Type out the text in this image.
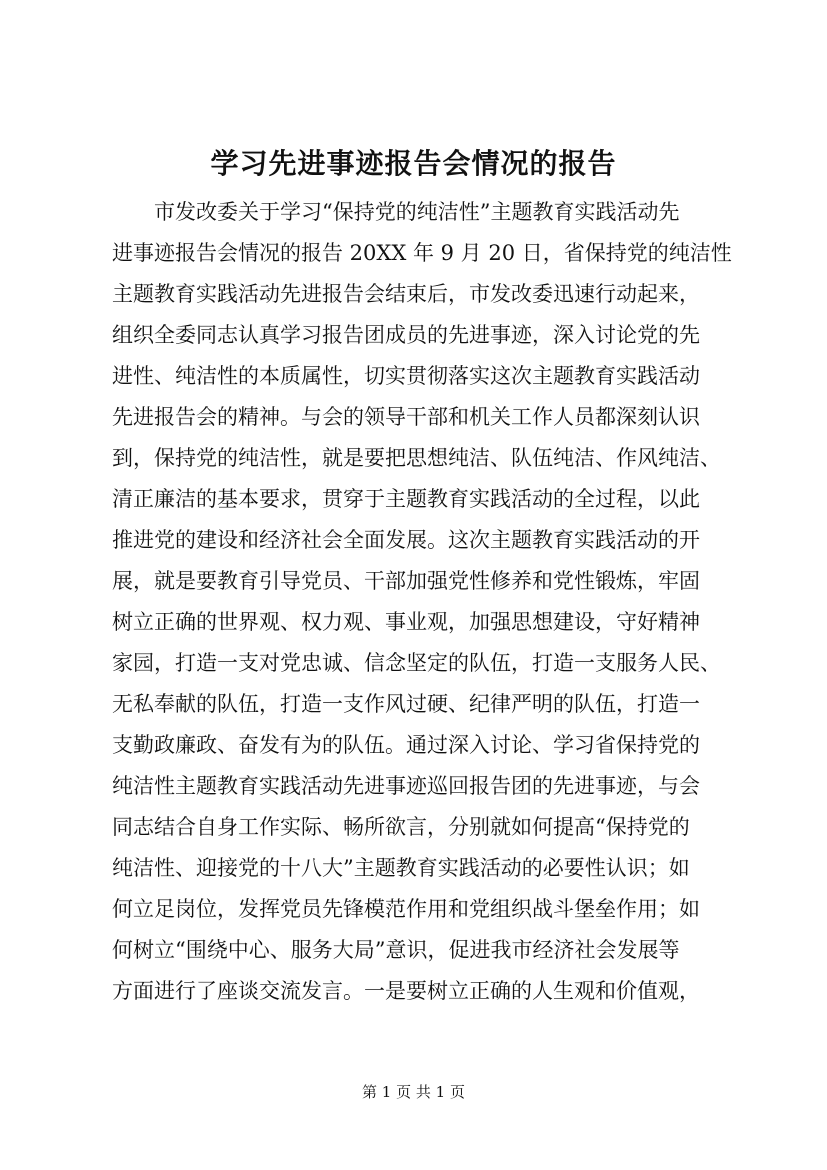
学习先进事迹报告会情况的报告
市发改委关于学习“保持党的纯洁性”主题教育实践活动先
进事迹报告会情况的报告 20XX 年 9 月 20 日，省保持党的纯洁性
主题教育实践活动先进报告会结束后，市发改委迅速行动起来，
组织全委同志认真学习报告团成员的先进事迹，深入讨论党的先
进性、纯洁性的本质属性，切实贯彻落实这次主题教育实践活动
先进报告会的精神。与会的领导干部和机关工作人员都深刻认识
到，保持党的纯洁性，就是要把思想纯洁、队伍纯洁、作风纯洁、
清正廉洁的基本要求，贯穿于主题教育实践活动的全过程，以此
推进党的建设和经济社会全面发展。这次主题教育实践活动的开
展，就是要教育引导党员、干部加强党性修养和党性锻炼，牢固
树立正确的世界观、权力观、事业观，加强思想建设，守好精神
家园，打造一支对党忠诚、信念坚定的队伍，打造一支服务人民、
无私奉献的队伍，打造一支作风过硬、纪律严明的队伍，打造一
支勤政廉政、奋发有为的队伍。通过深入讨论、学习省保持党的
纯洁性主题教育实践活动先进事迹巡回报告团的先进事迹，与会
同志结合自身工作实际、畅所欲言，分别就如何提高“保持党的
纯洁性、迎接党的十八大”主题教育实践活动的必要性认识；如
何立足岗位，发挥党员先锋模范作用和党组织战斗堡垒作用；如
何树立“围绕中心、服务大局”意识，促进我市经济社会发展等
方面进行了座谈交流发言。一是要树立正确的人生观和价值观，
第 1 页 共 1 页
